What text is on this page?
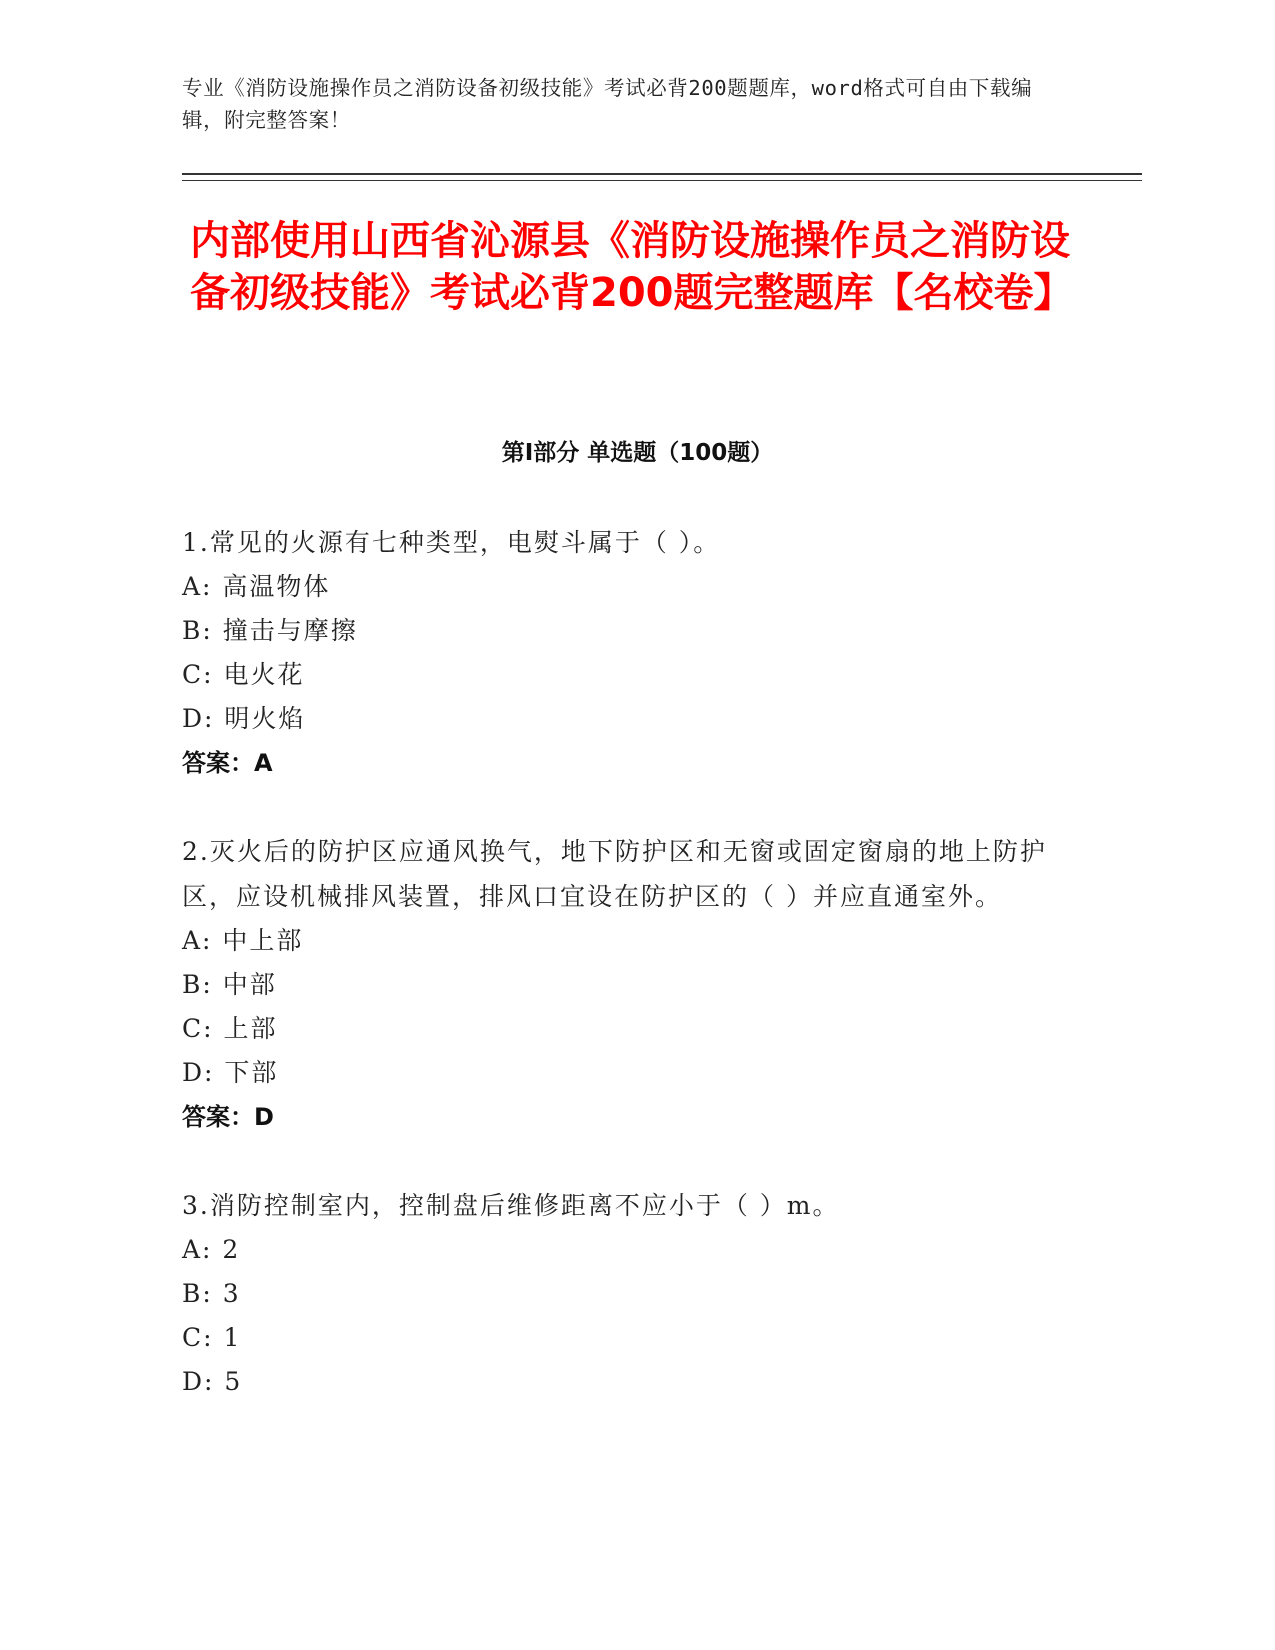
专业《消防设施操作员之消防设备初级技能》考试必背200题题库，word格式可自由下载编辑，附完整答案！
内部使用山西省沁源县《消防设施操作员之消防设备初级技能》考试必背200题完整题库【名校卷】
第I部分 单选题（100题）
1.常见的火源有七种类型，电熨斗属于（ ）。
A: 高温物体
B: 撞击与摩擦
C: 电火花
D: 明火焰
答案：A
2.灭火后的防护区应通风换气，地下防护区和无窗或固定窗扇的地上防护区，应设机械排风装置，排风口宜设在防护区的（ ）并应直通室外。
A: 中上部
B: 中部
C: 上部
D: 下部
答案：D
3.消防控制室内，控制盘后维修距离不应小于（ ）m。
A: 2
B: 3
C: 1
D: 5
